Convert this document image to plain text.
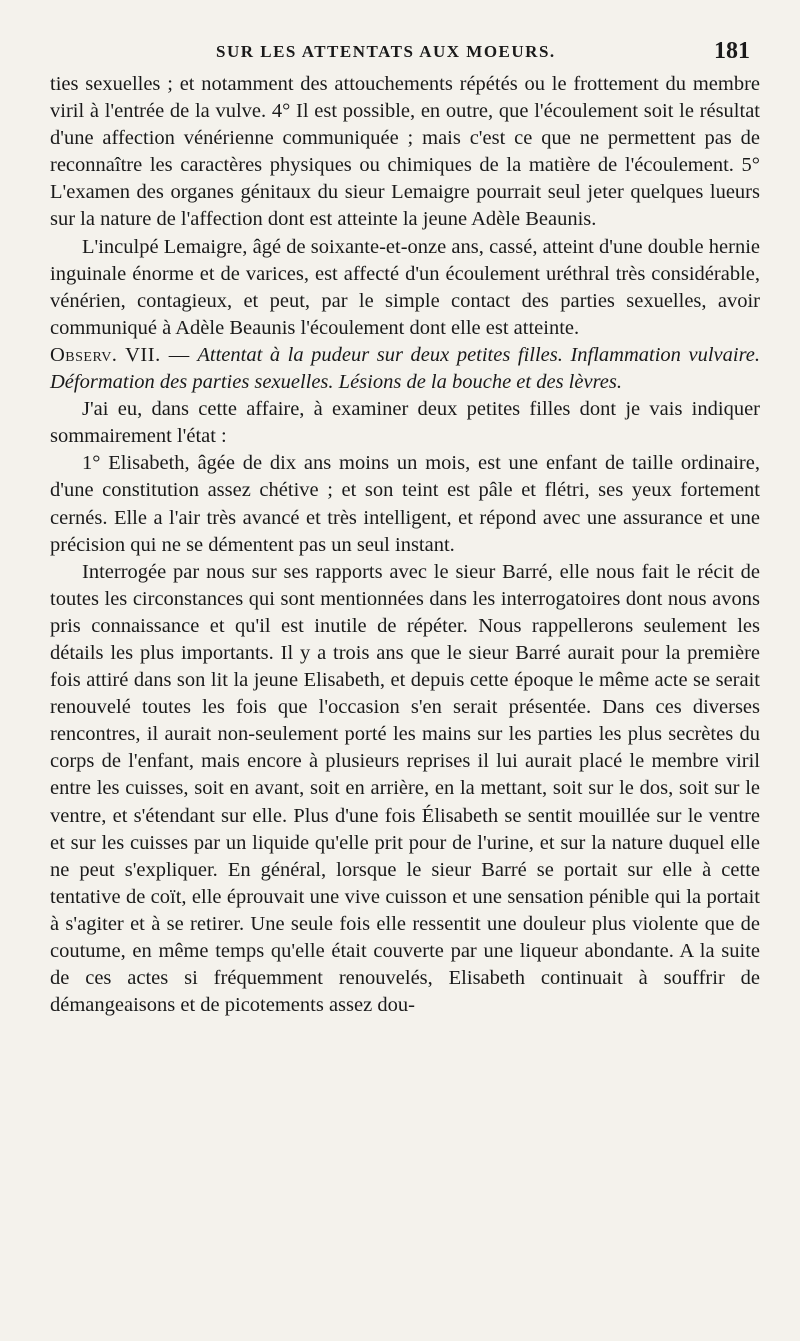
SUR LES ATTENTATS AUX MOEURS.	181

ties sexuelles ; et notamment des attouchements répétés ou le frottement du membre viril à l'entrée de la vulve. 4° Il est possible, en outre, que l'écoulement soit le résultat d'une affection vénérienne communiquée ; mais c'est ce que ne permettent pas de reconnaître les caractères physiques ou chimiques de la matière de l'écoulement. 5° L'examen des organes génitaux du sieur Lemaigre pourrait seul jeter quelques lueurs sur la nature de l'affection dont est atteinte la jeune Adèle Beaunis.

L'inculpé Lemaigre, âgé de soixante-et-onze ans, cassé, atteint d'une double hernie inguinale énorme et de varices, est affecté d'un écoulement uréthral très considérable, vénérien, contagieux, et peut, par le simple contact des parties sexuelles, avoir communiqué à Adèle Beaunis l'écoulement dont elle est atteinte.

Observ. VII. — Attentat à la pudeur sur deux petites filles. Inflammation vulvaire. Déformation des parties sexuelles. Lésions de la bouche et des lèvres.

J'ai eu, dans cette affaire, à examiner deux petites filles dont je vais indiquer sommairement l'état :

1° Elisabeth, âgée de dix ans moins un mois, est une enfant de taille ordinaire, d'une constitution assez chétive ; et son teint est pâle et flétri, ses yeux fortement cernés. Elle a l'air très avancé et très intelligent, et répond avec une assurance et une précision qui ne se démentent pas un seul instant.

Interrogée par nous sur ses rapports avec le sieur Barré, elle nous fait le récit de toutes les circonstances qui sont mentionnées dans les interrogatoires dont nous avons pris connaissance et qu'il est inutile de répéter. Nous rappellerons seulement les détails les plus importants. Il y a trois ans que le sieur Barré aurait pour la première fois attiré dans son lit la jeune Elisabeth, et depuis cette époque le même acte se serait renouvelé toutes les fois que l'occasion s'en serait présentée. Dans ces diverses rencontres, il aurait non-seulement porté les mains sur les parties les plus secrètes du corps de l'enfant, mais encore à plusieurs reprises il lui aurait placé le membre viril entre les cuisses, soit en avant, soit en arrière, en la mettant, soit sur le dos, soit sur le ventre, et s'étendant sur elle. Plus d'une fois Élisabeth se sentit mouillée sur le ventre et sur les cuisses par un liquide qu'elle prit pour de l'urine, et sur la nature duquel elle ne peut s'expliquer. En général, lorsque le sieur Barré se portait sur elle à cette tentative de coït, elle éprouvait une vive cuisson et une sensation pénible qui la portait à s'agiter et à se retirer. Une seule fois elle ressentit une douleur plus violente que de coutume, en même temps qu'elle était couverte par une liqueur abondante. A la suite de ces actes si fréquemment renouvelés, Elisabeth continuait à souffrir de démangeaisons et de picotements assez dou-
